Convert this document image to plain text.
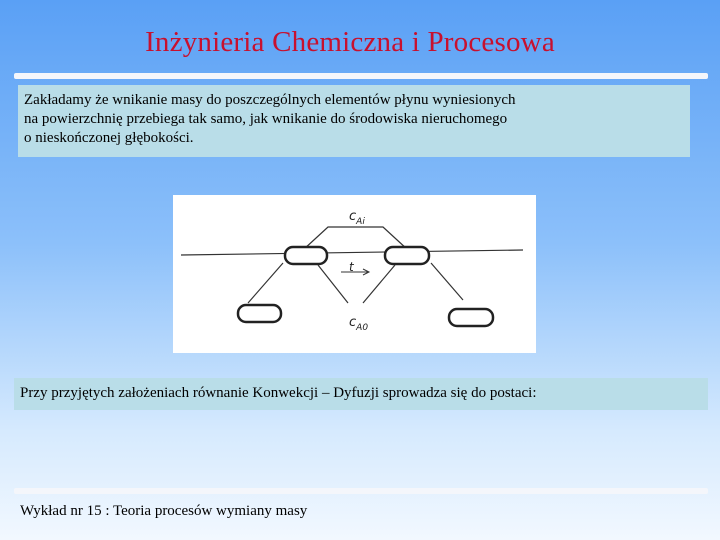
Inżynieria Chemiczna i Procesowa

Zakładamy że wnikanie masy do poszczególnych elementów płynu wyniesionych

na powierzchnię przebiega tak samo, jak wnikanie do środowiska nieruchomego

o nieskończonej głębokości.

$c_{Ai}$
t
$c_{A0}$
Przy przyjętych założeniach równanie Konwekcji – Dyfuzji sprowadza się do postaci:
Wykład nr 15 : Teoria procesów wymiany masy
